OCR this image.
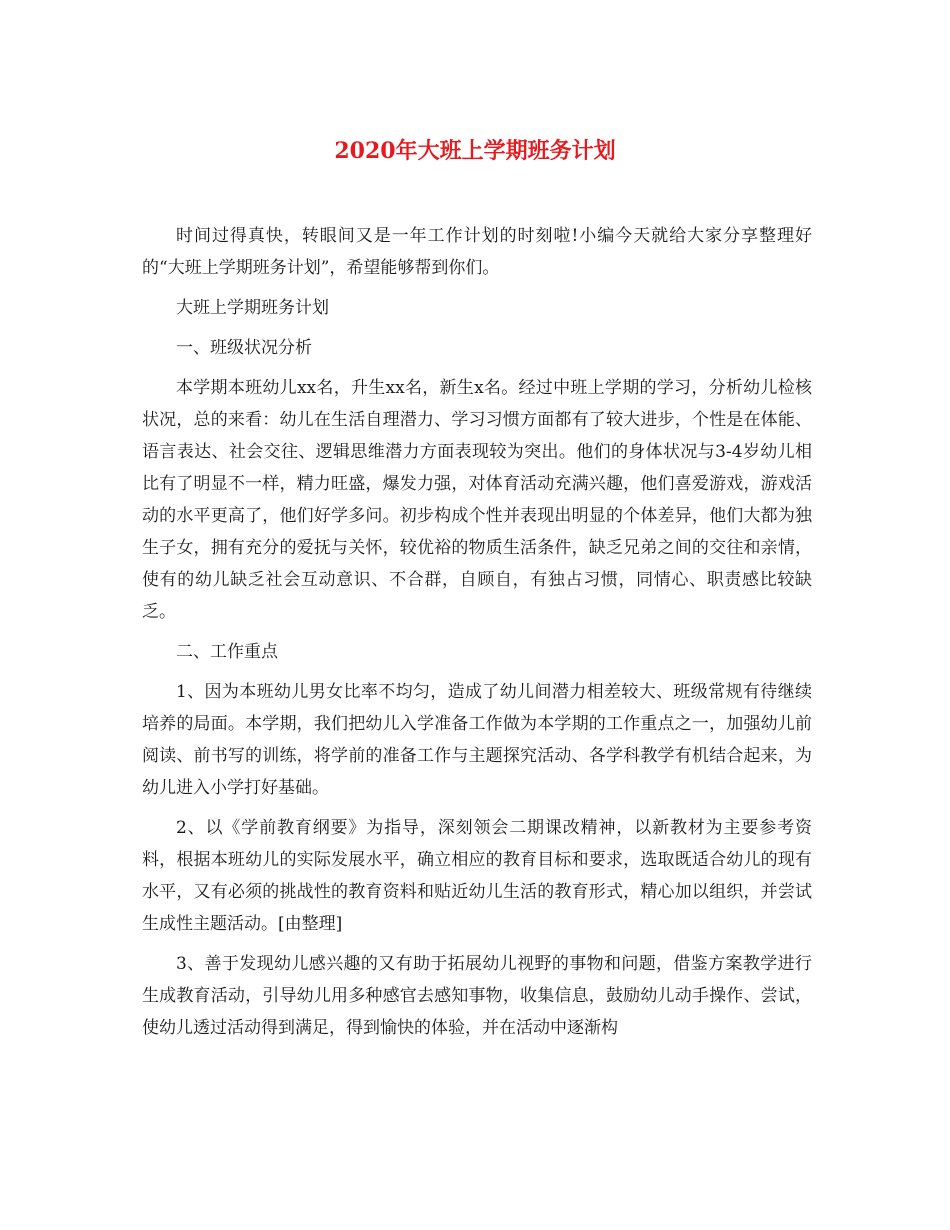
2020年大班上学期班务计划

时间过得真快，转眼间又是一年工作计划的时刻啦!小编今天就给大家分享整理好的“大班上学期班务计划”，希望能够帮到你们。

大班上学期班务计划

一、班级状况分析

本学期本班幼儿xx名，升生xx名，新生x名。经过中班上学期的学习，分析幼儿检核状况，总的来看：幼儿在生活自理潜力、学习习惯方面都有了较大进步，个性是在体能、语言表达、社会交往、逻辑思维潜力方面表现较为突出。他们的身体状况与3-4岁幼儿相比有了明显不一样，精力旺盛，爆发力强，对体育活动充满兴趣，他们喜爱游戏，游戏活动的水平更高了，他们好学多问。初步构成个性并表现出明显的个体差异，他们大都为独生子女，拥有充分的爱抚与关怀，较优裕的物质生活条件，缺乏兄弟之间的交往和亲情，使有的幼儿缺乏社会互动意识、不合群，自顾自，有独占习惯，同情心、职责感比较缺乏。

二、工作重点

1、因为本班幼儿男女比率不均匀，造成了幼儿间潜力相差较大、班级常规有待继续培养的局面。本学期，我们把幼儿入学准备工作做为本学期的工作重点之一，加强幼儿前阅读、前书写的训练，将学前的准备工作与主题探究活动、各学科教学有机结合起来，为幼儿进入小学打好基础。

2、以《学前教育纲要》为指导，深刻领会二期课改精神，以新教材为主要参考资料，根据本班幼儿的实际发展水平，确立相应的教育目标和要求，选取既适合幼儿的现有水平，又有必须的挑战性的教育资料和贴近幼儿生活的教育形式，精心加以组织，并尝试生成性主题活动。[由整理]

3、善于发现幼儿感兴趣的又有助于拓展幼儿视野的事物和问题，借鉴方案教学进行生成教育活动，引导幼儿用多种感官去感知事物，收集信息，鼓励幼儿动手操作、尝试，使幼儿透过活动得到满足，得到愉快的体验，并在活动中逐渐构
